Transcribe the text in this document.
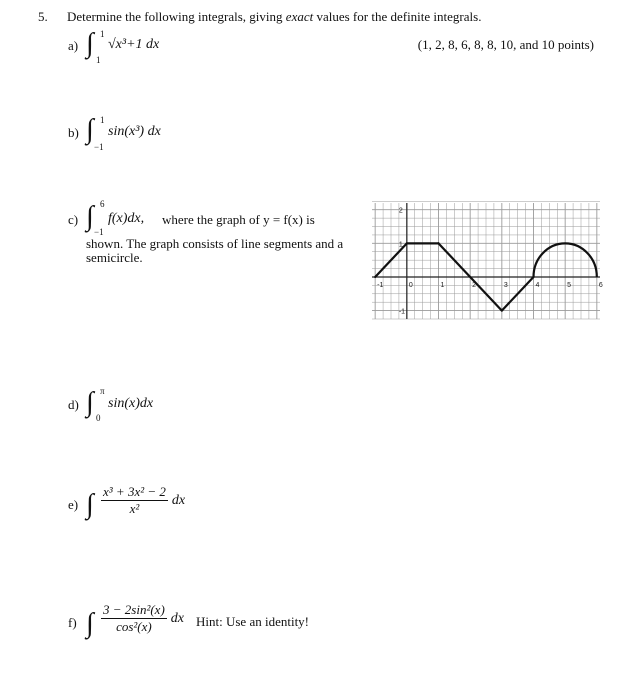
5. Determine the following integrals, giving exact values for the definite integrals.
(1, 2, 8, 6, 8, 8, 10, and 10 points)
a) ∫ 1
1
√x³+1 dx
b) ∫ 1
−1
sin(x³) dx
c) ∫ 6
−1
f(x)dx, where the graph of y = f(x) is
shown. The graph consists of line segments and a
semicircle.
-1	0	1	2	3	4	5	6
2
1
-1
d) ∫ π
0
sin(x)dx
e) ∫ $\frac{\text{x³ + 3x² − 2}}{\text{x²}}$ dx
f) ∫ $\frac{\text{3 − 2sin²(x)}}{\text{cos²(x)}}$ dx Hint: Use an identity!
